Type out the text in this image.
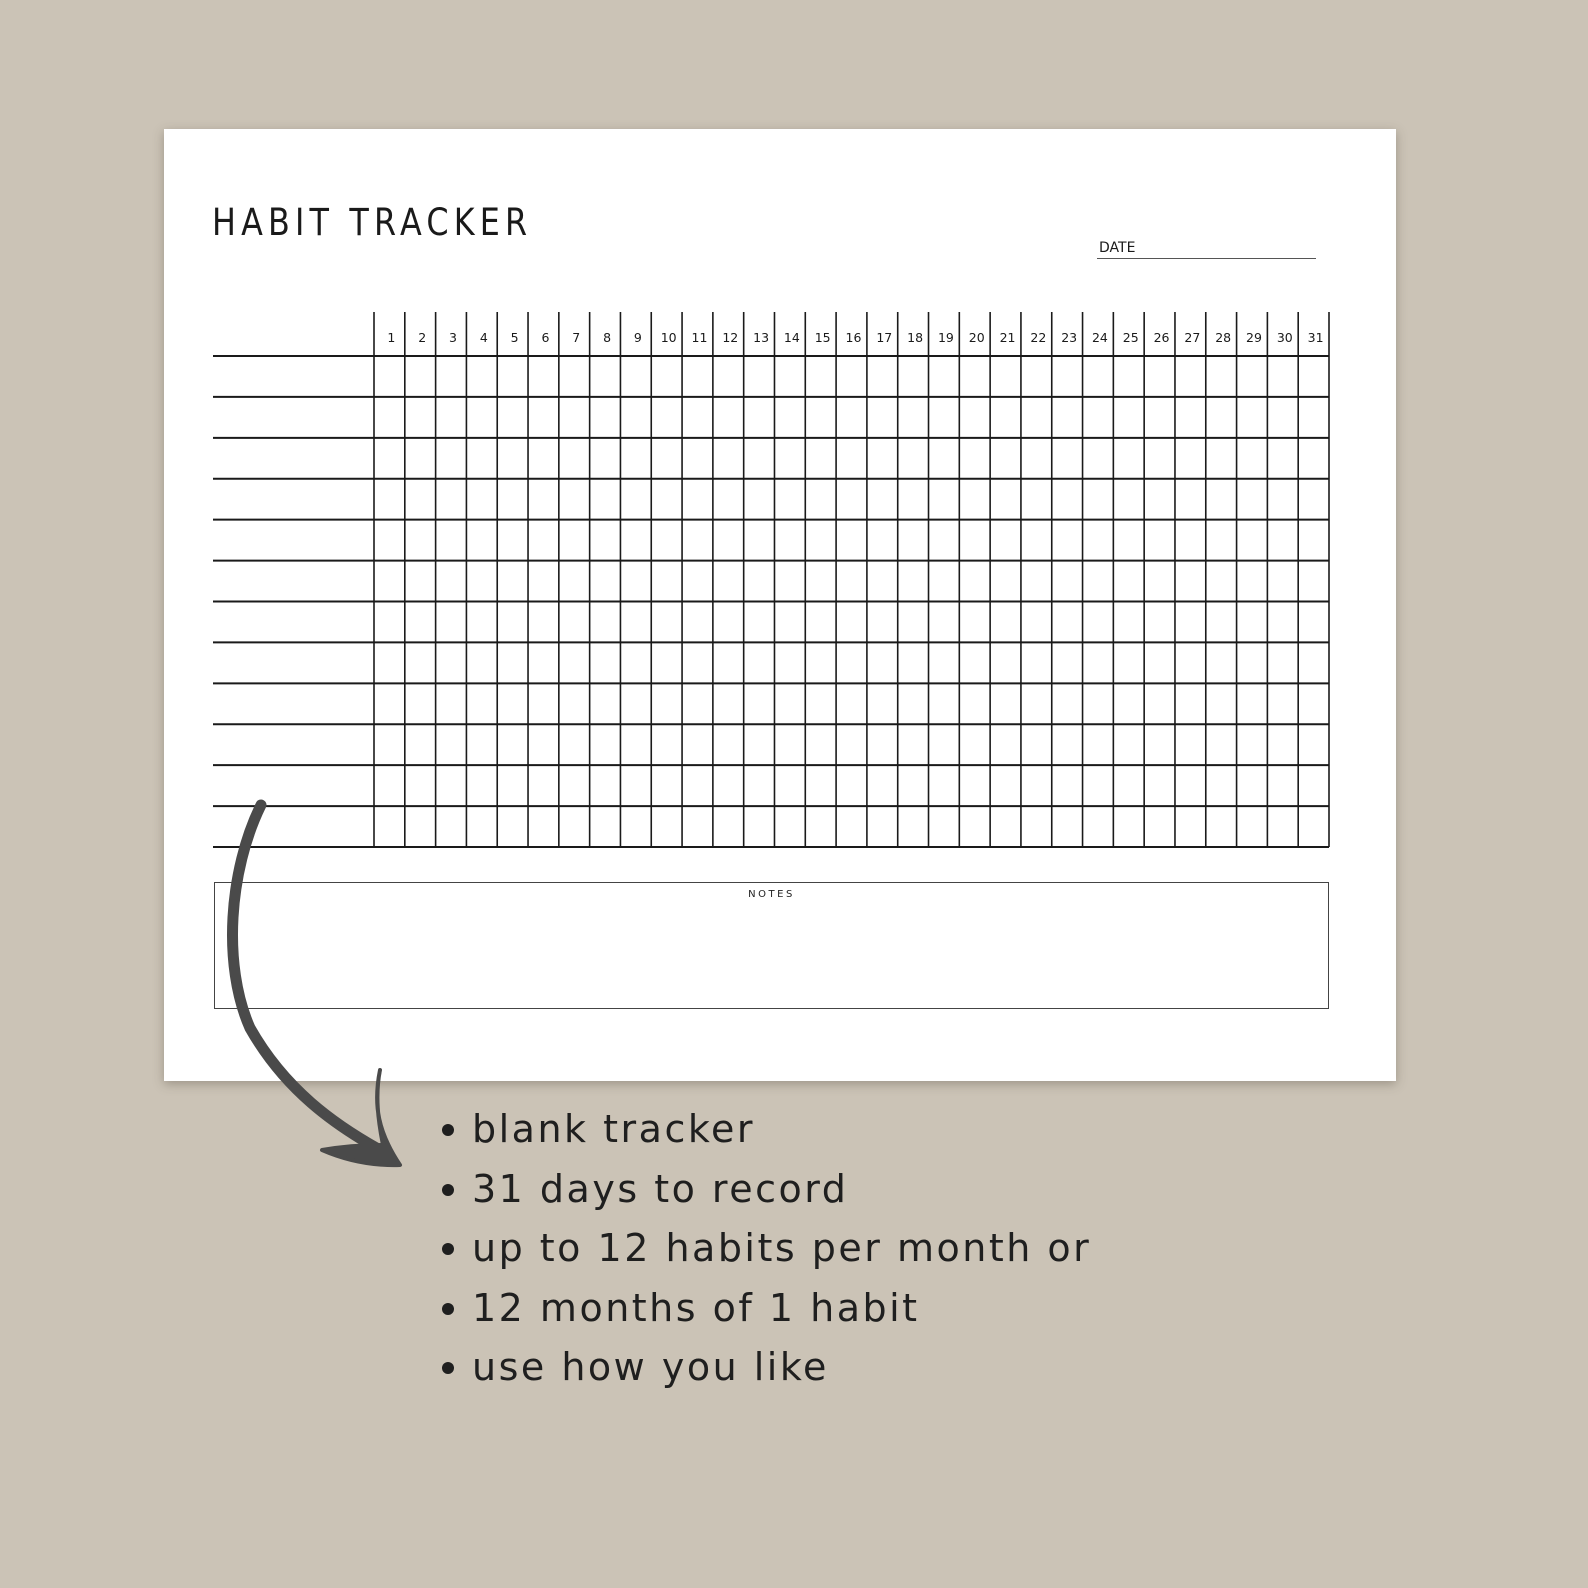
HABIT TRACKER
DATE
1 2 3 4 5 6 7 8 9 10 11 12 13 14 15 16 17 18 19 20 21 22 23 24 25 26 27 28 29 30 31
NOTES
blank tracker
31 days to record
up to 12 habits per month or
12 months of 1 habit
use how you like
